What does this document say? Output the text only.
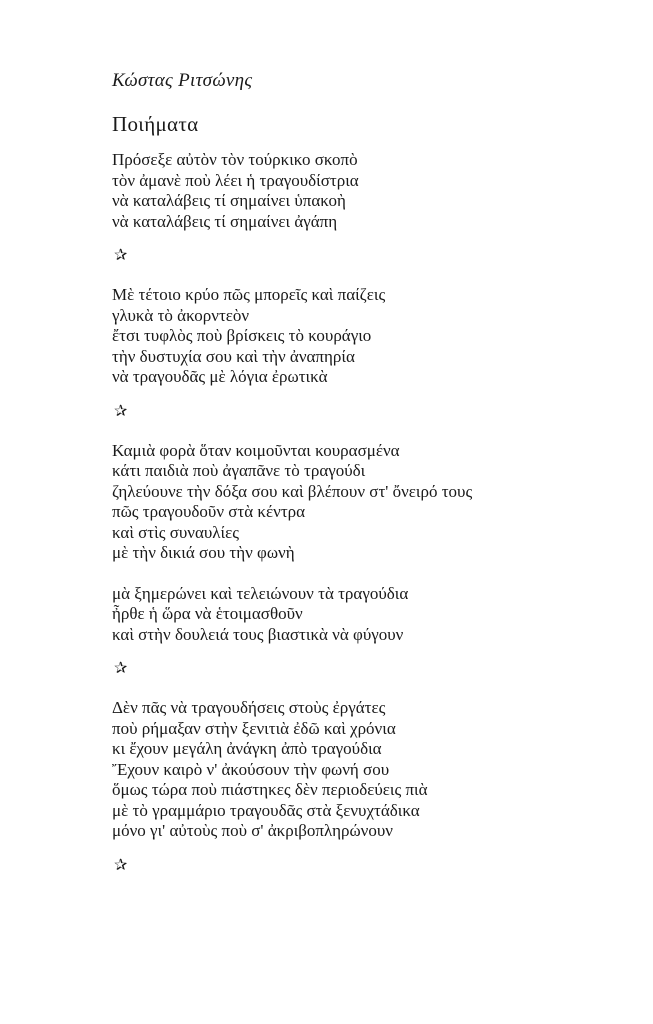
Κώστας Ριτσώνης
Ποιήματα
Πρόσεξε αὐτὸν τὸν τούρκικο σκοπὸ
τὸν ἀμανὲ ποὺ λέει ἡ τραγουδίστρια
νὰ καταλάβεις τί σημαίνει ὑπακοὴ
νὰ καταλάβεις τί σημαίνει ἀγάπη
✰
Μὲ τέτοιο κρύο πῶς μπορεῖς καὶ παίζεις
γλυκὰ τὸ ἀκορντεὸν
ἔτσι τυφλὸς ποὺ βρίσκεις τὸ κουράγιο
τὴν δυστυχία σου καὶ τὴν ἀναπηρία
νὰ τραγουδᾶς μὲ λόγια ἐρωτικὰ
✰
Καμιὰ φορὰ ὅταν κοιμοῦνται κουρασμένα
κάτι παιδιὰ ποὺ ἀγαπᾶνε τὸ τραγούδι
ζηλεύουνε τὴν δόξα σου καὶ βλέπουν στ' ὄνειρό τους
πῶς τραγουδοῦν στὰ κέντρα
καὶ στὶς συναυλίες
μὲ τὴν δικιά σου τὴν φωνὴ
μὰ ξημερώνει καὶ τελειώνουν τὰ τραγούδια
ἦρθε ἡ ὥρα νὰ ἑτοιμασθοῦν
καὶ στὴν δουλειά τους βιαστικὰ νὰ φύγουν
✰
Δὲν πᾶς νὰ τραγουδήσεις στοὺς ἐργάτες
ποὺ ρήμαξαν στὴν ξενιτιὰ ἐδῶ καὶ χρόνια
κι ἔχουν μεγάλη ἀνάγκη ἀπὸ τραγούδια
Ἔχουν καιρὸ ν' ἀκούσουν τὴν φωνή σου
ὅμως τώρα ποὺ πιάστηκες δὲν περιοδεύεις πιὰ
μὲ τὸ γραμμάριο τραγουδᾶς στὰ ξενυχτάδικα
μόνο γι' αὐτοὺς ποὺ σ' ἀκριβοπληρώνουν
✰
